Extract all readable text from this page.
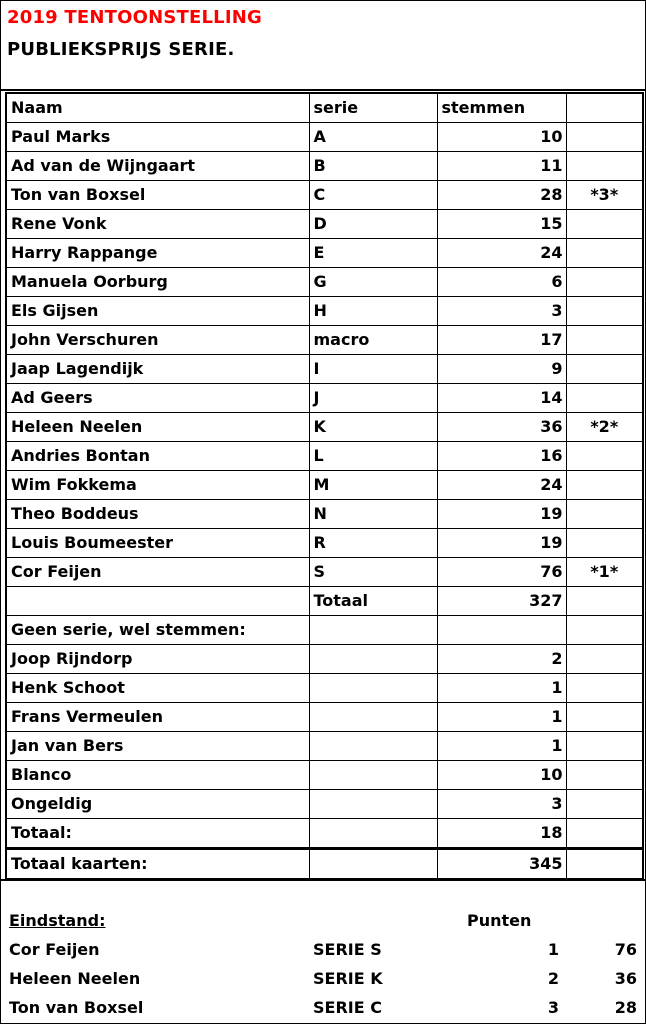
2019 TENTOONSTELLING
PUBLIEKSPRIJS SERIE.
Naam	serie	stemmen	
Paul Marks	A	10	
Ad van de Wijngaart	B	11	
Ton van Boxsel	C	28	*3*
Rene Vonk	D	15	
Harry Rappange	E	24	
Manuela Oorburg	G	6	
Els Gijsen	H	3	
John Verschuren	macro	17	
Jaap Lagendijk	I	9	
Ad Geers	J	14	
Heleen Neelen	K	36	*2*
Andries Bontan	L	16	
Wim Fokkema	M	24	
Theo Boddeus	N	19	
Louis Boumeester	R	19	
Cor Feijen	S	76	*1*
	Totaal	327	
Geen serie, wel stemmen:			
Joop Rijndorp		2	
Henk Schoot		1	
Frans Vermeulen		1	
Jan van Bers		1	
Blanco		10	
Ongeldig		3	
Totaal:		18	
Totaal kaarten:		345	
Eindstand:	Punten
Cor Feijen	SERIE S	1	76
Heleen Neelen	SERIE K	2	36
Ton van Boxsel	SERIE C	3	28
